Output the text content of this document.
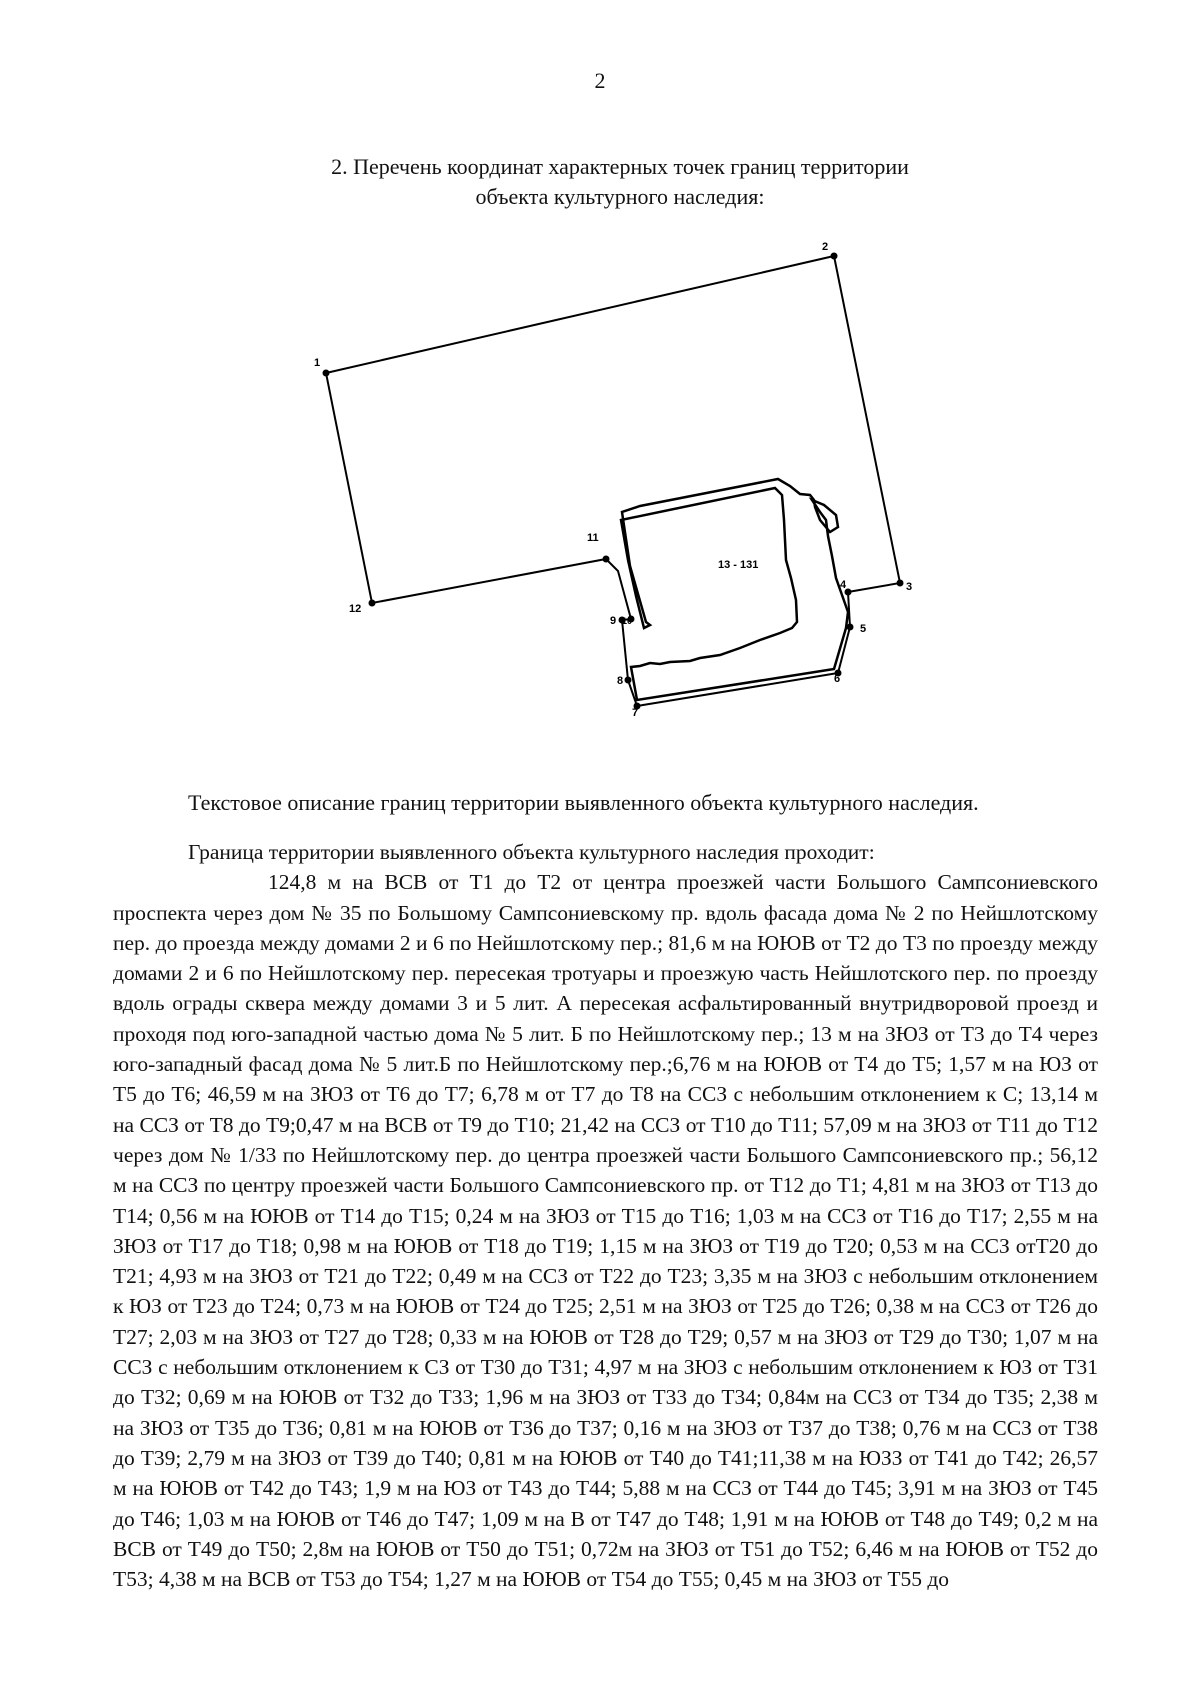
2
2. Перечень координат характерных точек границ территории
объекта культурного наследия:
1
2
3
4
5
6
7
8
9 10
11
12
13 - 131
Текстовое описание границ территории выявленного объекта культурного наследия.

Граница территории выявленного объекта культурного наследия проходит:

124,8 м на ВСВ от Т1 до Т2 от центра проезжей части Большого Сампсониевского проспекта через дом № 35 по Большому Сампсониевскому пр. вдоль фасада дома № 2 по Нейшлотскому пер. до проезда между домами 2 и 6 по Нейшлотскому пер.; 81,6 м на ЮЮВ от Т2 до Т3 по проезду между домами 2 и 6 по Нейшлотскому пер. пересекая тротуары и проезжую часть Нейшлотского пер. по проезду вдоль ограды сквера между домами 3 и 5 лит. А пересекая асфальтированный внутридворовой проезд и проходя под юго-западной частью дома № 5 лит. Б по Нейшлотскому пер.; 13 м на ЗЮЗ от Т3 до Т4 через юго-западный фасад дома № 5 лит.Б по Нейшлотскому пер.;6,76 м на ЮЮВ от Т4 до Т5; 1,57 м на ЮЗ от Т5 до Т6; 46,59 м на ЗЮЗ от Т6 до Т7; 6,78 м от Т7 до Т8 на ССЗ с небольшим отклонением к С; 13,14 м на ССЗ от Т8 до Т9;0,47 м на ВСВ от Т9 до Т10; 21,42 на ССЗ от Т10 до Т11; 57,09 м на ЗЮЗ от Т11 до Т12 через дом № 1/33 по Нейшлотскому пер. до центра проезжей части Большого Сампсониевского пр.; 56,12 м на ССЗ по центру проезжей части Большого Сампсониевского пр. от Т12 до Т1; 4,81 м на ЗЮЗ от Т13 до Т14; 0,56 м на ЮЮВ от Т14 до Т15; 0,24 м на ЗЮЗ от Т15 до Т16; 1,03 м на ССЗ от Т16 до Т17; 2,55 м на ЗЮЗ от Т17 до Т18; 0,98 м на ЮЮВ от Т18 до Т19; 1,15 м на ЗЮЗ от Т19 до Т20; 0,53 м на ССЗ отТ20 до Т21; 4,93 м на ЗЮЗ от Т21 до Т22; 0,49 м на ССЗ от Т22 до Т23; 3,35 м на ЗЮЗ с небольшим отклонением к ЮЗ от Т23 до Т24; 0,73 м на ЮЮВ от Т24 до Т25; 2,51 м на ЗЮЗ от Т25 до Т26; 0,38 м на ССЗ от Т26 до Т27; 2,03 м на ЗЮЗ от Т27 до Т28; 0,33 м на ЮЮВ от Т28 до Т29; 0,57 м на ЗЮЗ от Т29 до Т30; 1,07 м на ССЗ с небольшим отклонением к СЗ от Т30 до Т31; 4,97 м на ЗЮЗ с небольшим отклонением к ЮЗ от Т31 до Т32; 0,69 м на ЮЮВ от Т32 до Т33; 1,96 м на ЗЮЗ от Т33 до Т34; 0,84м на ССЗ от Т34 до Т35; 2,38 м на ЗЮЗ от Т35 до Т36; 0,81 м на ЮЮВ от Т36 до Т37; 0,16 м на ЗЮЗ от Т37 до Т38; 0,76 м на ССЗ от Т38 до Т39; 2,79 м на ЗЮЗ от Т39 до Т40; 0,81 м на ЮЮВ от Т40 до Т41;11,38 м на ЮЗЗ от Т41 до Т42; 26,57 м на ЮЮВ от Т42 до Т43; 1,9 м на ЮЗ от Т43 до Т44; 5,88 м на ССЗ от Т44 до Т45; 3,91 м на ЗЮЗ от Т45 до Т46; 1,03 м на ЮЮВ от Т46 до Т47; 1,09 м на В от Т47 до Т48; 1,91 м на ЮЮВ от Т48 до Т49; 0,2 м на ВСВ от Т49 до Т50; 2,8м на ЮЮВ от Т50 до Т51; 0,72м на ЗЮЗ от Т51 до Т52; 6,46 м на ЮЮВ от Т52 до Т53; 4,38 м на ВСВ от Т53 до Т54; 1,27 м на ЮЮВ от Т54 до Т55; 0,45 м на ЗЮЗ от Т55 до
